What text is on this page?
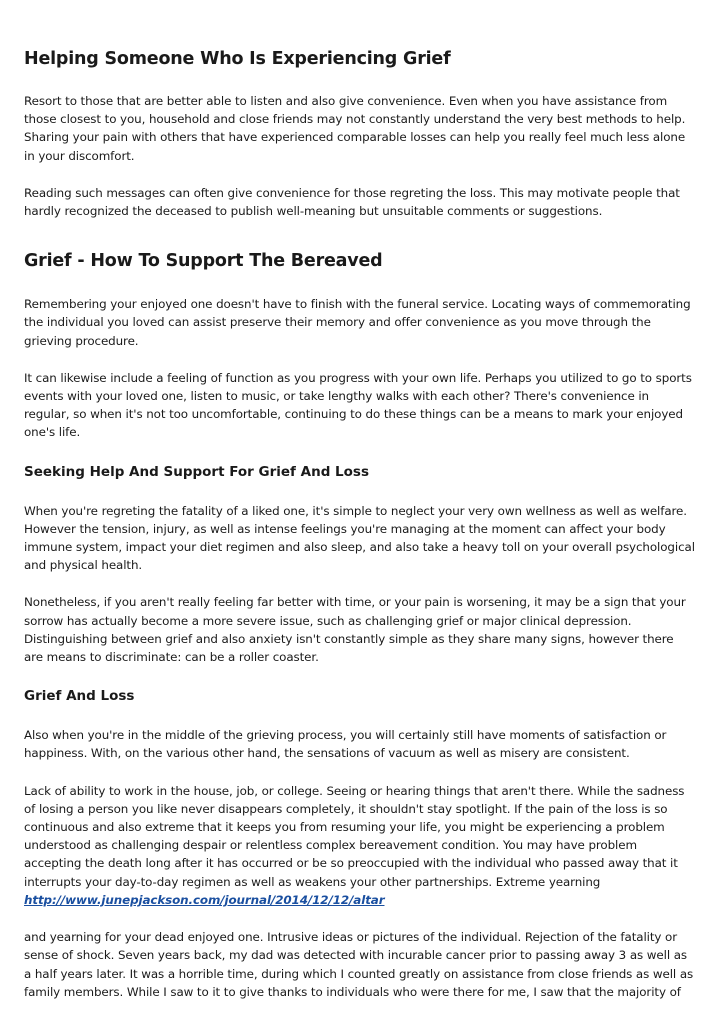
Helping Someone Who Is Experiencing Grief

Resort to those that are better able to listen and also give convenience. Even when you have assistance from those closest to you, household and close friends may not constantly understand the very best methods to help. Sharing your pain with others that have experienced comparable losses can help you really feel much less alone in your discomfort.

Reading such messages can often give convenience for those regreting the loss. This may motivate people that hardly recognized the deceased to publish well-meaning but unsuitable comments or suggestions.

Grief - How To Support The Bereaved

Remembering your enjoyed one doesn't have to finish with the funeral service. Locating ways of commemorating the individual you loved can assist preserve their memory and offer convenience as you move through the grieving procedure.

It can likewise include a feeling of function as you progress with your own life. Perhaps you utilized to go to sports events with your loved one, listen to music, or take lengthy walks with each other? There's convenience in regular, so when it's not too uncomfortable, continuing to do these things can be a means to mark your enjoyed one's life.

Seeking Help And Support For Grief And Loss

When you're regreting the fatality of a liked one, it's simple to neglect your very own wellness as well as welfare. However the tension, injury, as well as intense feelings you're managing at the moment can affect your body immune system, impact your diet regimen and also sleep, and also take a heavy toll on your overall psychological and physical health.

Nonetheless, if you aren't really feeling far better with time, or your pain is worsening, it may be a sign that your sorrow has actually become a more severe issue, such as challenging grief or major clinical depression. Distinguishing between grief and also anxiety isn't constantly simple as they share many signs, however there are means to discriminate: can be a roller coaster.

Grief And Loss

Also when you're in the middle of the grieving process, you will certainly still have moments of satisfaction or happiness. With, on the various other hand, the sensations of vacuum as well as misery are consistent.

Lack of ability to work in the house, job, or college. Seeing or hearing things that aren't there. While the sadness of losing a person you like never disappears completely, it shouldn't stay spotlight. If the pain of the loss is so continuous and also extreme that it keeps you from resuming your life, you might be experiencing a problem understood as challenging despair or relentless complex bereavement condition. You may have problem accepting the death long after it has occurred or be so preoccupied with the individual who passed away that it interrupts your day-to-day regimen as well as weakens your other partnerships. Extreme yearning
http://www.junepjackson.com/journal/2014/12/12/altar

and yearning for your dead enjoyed one. Intrusive ideas or pictures of the individual. Rejection of the fatality or sense of shock. Seven years back, my dad was detected with incurable cancer prior to passing away 3 as well as a half years later. It was a horrible time, during which I counted greatly on assistance from close friends as well as family members. While I saw to it to give thanks to individuals who were there for me, I saw that the majority of
